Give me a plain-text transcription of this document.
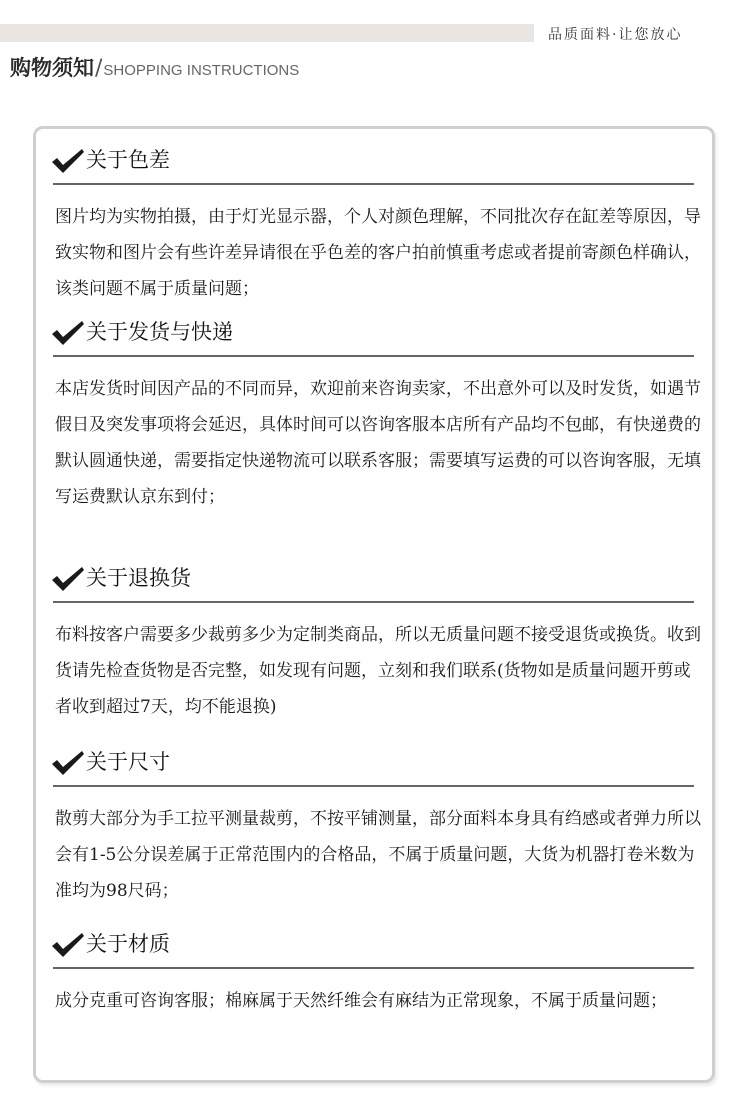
品质面料·让您放心
购物须知/SHOPPING INSTRUCTIONS
关于色差

图片均为实物拍摄，由于灯光显示器，个人对颜色理解，不同批次存在缸差等原因，导致实物和图片会有些许差异请很在乎色差的客户拍前慎重考虑或者提前寄颜色样确认，该类问题不属于质量问题；

关于发货与快递

本店发货时间因产品的不同而异，欢迎前来咨询卖家，不出意外可以及时发货，如遇节假日及突发事项将会延迟，具体时间可以咨询客服本店所有产品均不包邮，有快递费的默认圆通快递，需要指定快递物流可以联系客服；需要填写运费的可以咨询客服，无填写运费默认京东到付；

关于退换货

布料按客户需要多少裁剪多少为定制类商品，所以无质量问题不接受退货或换货。收到货请先检查货物是否完整，如发现有问题，立刻和我们联系(货物如是质量问题开剪或者收到超过7天，均不能退换)

关于尺寸

散剪大部分为手工拉平测量裁剪，不按平铺测量，部分面料本身具有绉感或者弹力所以会有1-5公分误差属于正常范围内的合格品，不属于质量问题，大货为机器打卷米数为准均为98尺码；

关于材质

成分克重可咨询客服；棉麻属于天然纤维会有麻结为正常现象，不属于质量问题；
